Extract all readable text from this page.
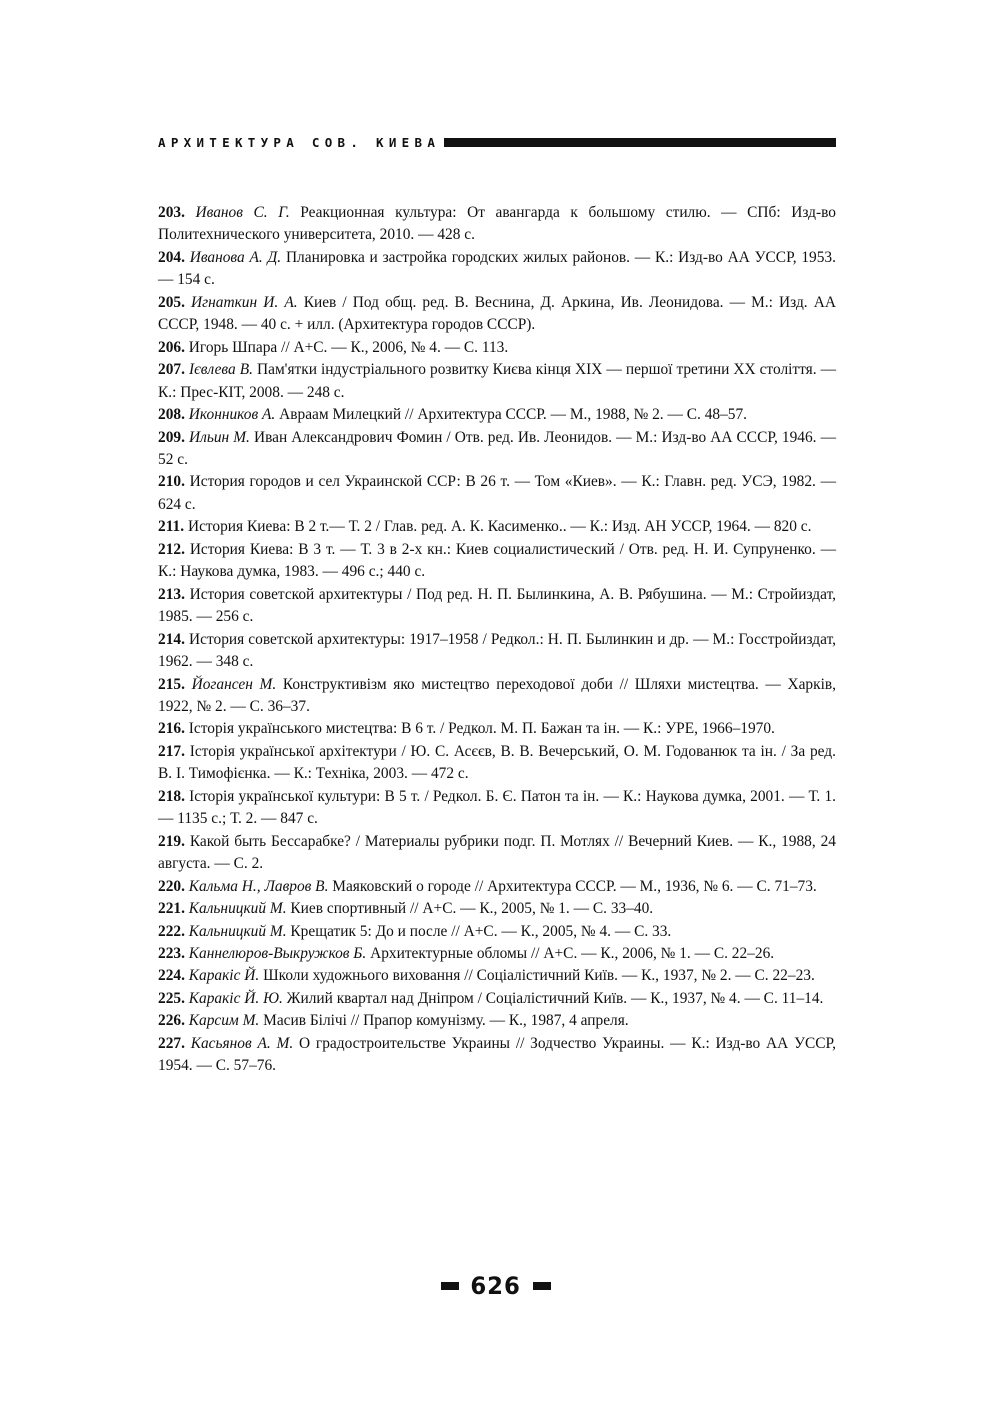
АРХИТЕКТУРА СОВ. КИЕВА

203. Иванов С. Г. Реакционная культура: От авангарда к большому стилю. — СПб: Изд-во Политехнического университета, 2010. — 428 с.

204. Иванова А. Д. Планировка и застройка городских жилых районов. — К.: Изд-во АА УССР, 1953. — 154 с.

205. Игнаткин И. А. Киев / Под общ. ред. В. Веснина, Д. Аркина, Ив. Леонидова. — М.: Изд. АА СССР, 1948. — 40 с. + илл. (Архитектура городов СССР).

206. Игорь Шпара // А+С. — К., 2006, № 4. — С. 113.

207. Ієвлева В. Пам'ятки індустріального розвитку Києва кінця XIX — першої третини XX століття. — К.: Прес-КІТ, 2008. — 248 с.

208. Иконников А. Авраам Милецкий // Архитектура СССР. — М., 1988, № 2. — С. 48–57.

209. Ильин М. Иван Александрович Фомин / Отв. ред. Ив. Леонидов. — М.: Изд-во АА СССР, 1946. — 52 с.

210. История городов и сел Украинской ССР: В 26 т. — Том «Киев». — К.: Главн. ред. УСЭ, 1982. — 624 с.

211. История Киева: В 2 т.— Т. 2 / Глав. ред. А. К. Касименко.. — К.: Изд. АН УССР, 1964. — 820 с.

212. История Киева: В 3 т. — Т. 3 в 2-х кн.: Киев социалистический / Отв. ред. Н. И. Супруненко. — К.: Наукова думка, 1983. — 496 с.; 440 с.

213. История советской архитектуры / Под ред. Н. П. Былинкина, А. В. Рябушина. — М.: Стройиздат, 1985. — 256 с.

214. История советской архитектуры: 1917–1958 / Редкол.: Н. П. Былинкин и др. — М.: Госстройиздат, 1962. — 348 с.

215. Йогансен М. Конструктивізм яко мистецтво переходової доби // Шляхи мистецтва. — Харків, 1922, № 2. — С. 36–37.

216. Історія українського мистецтва: В 6 т. / Редкол. М. П. Бажан та ін. — К.: УРЕ, 1966–1970.

217. Історія української архітектури / Ю. С. Асєєв, В. В. Вечерський, О. М. Годованюк та ін. / За ред. В. І. Тимофієнка. — К.: Техніка, 2003. — 472 с.

218. Історія української культури: В 5 т. / Редкол. Б. Є. Патон та ін. — К.: Наукова думка, 2001. — Т. 1. — 1135 с.; Т. 2. — 847 с.

219. Какой быть Бессарабке? / Материалы рубрики подг. П. Мотлях // Вечерний Киев. — К., 1988, 24 августа. — С. 2.

220. Кальма Н., Лавров В. Маяковский о городе // Архитектура СССР. — М., 1936, № 6. — С. 71–73.

221. Кальницкий М. Киев спортивный // А+С. — К., 2005, № 1. — С. 33–40.

222. Кальницкий М. Крещатик 5: До и после // А+С. — К., 2005, № 4. — С. 33.

223. Каннелюров-Выкружков Б. Архитектурные обломы // А+С. — К., 2006, № 1. — С. 22–26.

224. Каракіс Й. Школи художнього виховання // Соціалістичний Київ. — К., 1937, № 2. — С. 22–23.

225. Каракіс Й. Ю. Жилий квартал над Дніпром / Соціалістичний Київ. — К., 1937, № 4. — С. 11–14.

226. Карсим М. Масив Білічі // Прапор комунізму. — К., 1987, 4 апреля.

227. Касьянов А. М. О градостроительстве Украины // Зодчество Украины. — К.: Изд-во АА УССР, 1954. — С. 57–76.

626
